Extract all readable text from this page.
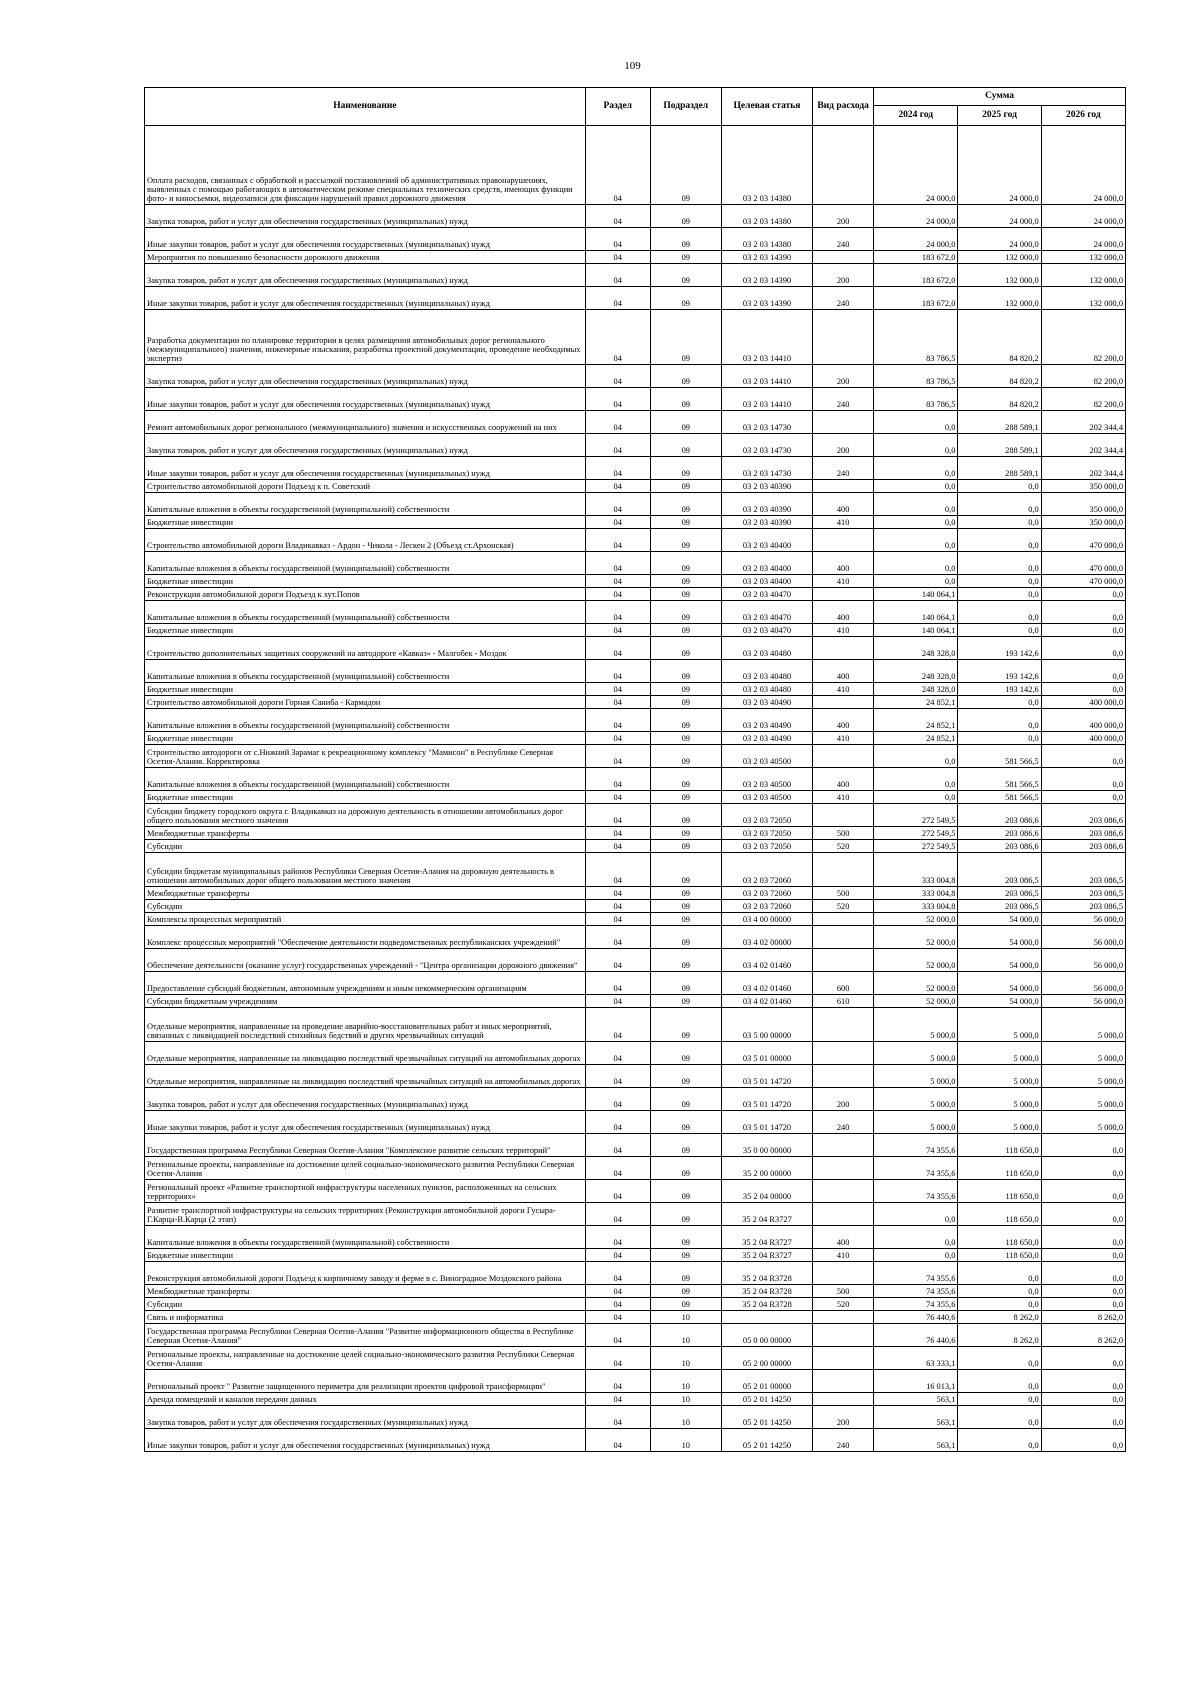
109
Наименование	Раздел	Подраздел	Целевая статья	Вид расхода	Сумма		
					2024 год	2025 год	2026 год

Оплата расходов, связанных с обработкой и рассылкой постановлений об административных правонарушениях, выявленных с помощью работающих в автоматическом режиме специальных технических средств, имеющих функции фото- и киносъемки, видеозаписи для фиксации нарушений правил дорожного движения	04	09	03 2 03 14380		24 000,0	24 000,0	24 000,0
Закупка товаров, работ и услуг для обеспечения государственных (муниципальных) нужд	04	09	03 2 03 14380	200	24 000,0	24 000,0	24 000,0
Иные закупки товаров, работ и услуг для обеспечения государственных (муниципальных) нужд	04	09	03 2 03 14380	240	24 000,0	24 000,0	24 000,0
Мероприятия по повышению безопасности дорожного движения	04	09	03 2 03 14390		183 672,0	132 000,0	132 000,0
Закупка товаров, работ и услуг для обеспечения государственных (муниципальных) нужд	04	09	03 2 03 14390	200	183 672,0	132 000,0	132 000,0
Иные закупки товаров, работ и услуг для обеспечения государственных (муниципальных) нужд	04	09	03 2 03 14390	240	183 672,0	132 000,0	132 000,0
Разработка документации по планировке территории в целях размещения автомобильных дорог регионального (межмуниципального) значения, инженерные изыскания, разработка проектной документации, проведение необходимых экспертиз	04	09	03 2 03 14410		83 786,5	84 820,2	82 200,0
Закупка товаров, работ и услуг для обеспечения государственных (муниципальных) нужд	04	09	03 2 03 14410	200	83 786,5	84 820,2	82 200,0
Иные закупки товаров, работ и услуг для обеспечения государственных (муниципальных) нужд	04	09	03 2 03 14410	240	83 786,5	84 820,2	82 200,0
Ремонт автомобильных дорог регионального (межмуниципального) значения и искусственных сооружений на них	04	09	03 2 03 14730		0,0	288 589,1	202 344,4
Закупка товаров, работ и услуг для обеспечения государственных (муниципальных) нужд	04	09	03 2 03 14730	200	0,0	288 589,1	202 344,4
Иные закупки товаров, работ и услуг для обеспечения государственных (муниципальных) нужд	04	09	03 2 03 14730	240	0,0	288 589,1	202 344,4
Строительство автомобильной дороги Подъезд к п. Советский	04	09	03 2 03 40390		0,0	0,0	350 000,0
Капитальные вложения в объекты государственной (муниципальной) собственности	04	09	03 2 03 40390	400	0,0	0,0	350 000,0
Бюджетные инвестиции	04	09	03 2 03 40390	410	0,0	0,0	350 000,0
Строительство автомобильной дороги Владикавказ - Ардон - Чикола - Лескен 2 (Объезд ст.Архонская)	04	09	03 2 03 40400		0,0	0,0	470 000,0
Капитальные вложения в объекты государственной (муниципальной) собственности	04	09	03 2 03 40400	400	0,0	0,0	470 000,0
Бюджетные инвестиции	04	09	03 2 03 40400	410	0,0	0,0	470 000,0
Реконструкция автомобильной дороги Подъезд к хут.Попов	04	09	03 2 03 40470		140 064,1	0,0	0,0
Капитальные вложения в объекты государственной (муниципальной) собственности	04	09	03 2 03 40470	400	140 064,1	0,0	0,0
Бюджетные инвестиции	04	09	03 2 03 40470	410	140 064,1	0,0	0,0
Строительство дополнительных защитных сооружений на автодороге «Кавказ» - Малгобек - Моздок	04	09	03 2 03 40480		248 328,0	193 142,6	0,0
Капитальные вложения в объекты государственной (муниципальной) собственности	04	09	03 2 03 40480	400	248 328,0	193 142,6	0,0
Бюджетные инвестиции	04	09	03 2 03 40480	410	248 328,0	193 142,6	0,0
Строительство автомобильной дороги Горная Саниба - Кармадон	04	09	03 2 03 40490		24 852,1	0,0	400 000,0
Капитальные вложения в объекты государственной (муниципальной) собственности	04	09	03 2 03 40490	400	24 852,1	0,0	400 000,0
Бюджетные инвестиции	04	09	03 2 03 40490	410	24 852,1	0,0	400 000,0
Строительство автодороги от с.Нижний Зарамаг к рекреационному комплексу "Мамисон" в Республике Северная Осетия-Алания. Корректировка	04	09	03 2 03 40500		0,0	581 566,5	0,0
Капитальные вложения в объекты государственной (муниципальной) собственности	04	09	03 2 03 40500	400	0,0	581 566,5	0,0
Бюджетные инвестиции	04	09	03 2 03 40500	410	0,0	581 566,5	0,0
Субсидии бюджету городского округа г. Владикавказ на дорожную деятельность в отношении автомобильных дорог общего пользования местного значения	04	09	03 2 03 72050		272 549,5	203 086,6	203 086,6
Межбюджетные трансферты	04	09	03 2 03 72050	500	272 549,5	203 086,6	203 086,6
Субсидии	04	09	03 2 03 72050	520	272 549,5	203 086,6	203 086,6
Субсидии бюджетам муниципальных районов Республики Северная Осетия-Алания на дорожную деятельность в отношении автомобильных дорог общего пользования местного значения	04	09	03 2 03 72060		333 004,8	203 086,5	203 086,5
Межбюджетные трансферты	04	09	03 2 03 72060	500	333 004,8	203 086,5	203 086,5
Субсидии	04	09	03 2 03 72060	520	333 004,8	203 086,5	203 086,5
Комплексы процессных мероприятий	04	09	03 4 00 00000		52 000,0	54 000,0	56 000,0
Комплекс процессных мероприятий "Обеспечение деятельности подведомственных республиканских учреждений"	04	09	03 4 02 00000		52 000,0	54 000,0	56 000,0
Обеспечение деятельности (оказание услуг) государственных учреждений - "Центра организации дорожного движения"	04	09	03 4 02 01460		52 000,0	54 000,0	56 000,0
Предоставление субсидий бюджетным, автономным учреждениям и иным некоммерческим организациям	04	09	03 4 02 01460	600	52 000,0	54 000,0	56 000,0
Субсидии бюджетным учреждениям	04	09	03 4 02 01460	610	52 000,0	54 000,0	56 000,0
Отдельные мероприятия, направленные на проведение аварийно-восстановительных работ и иных мероприятий, связанных с ликвидацией последствий стихийных бедствий и других чрезвычайных ситуаций	04	09	03 5 00 00000		5 000,0	5 000,0	5 000,0
Отдельные мероприятия, направленные на ликвидацию последствий чрезвычайных ситуаций на автомобильных дорогах	04	09	03 5 01 00000		5 000,0	5 000,0	5 000,0
Отдельные мероприятия, направленные на ликвидацию последствий чрезвычайных ситуаций на автомобильных дорогах	04	09	03 5 01 14720		5 000,0	5 000,0	5 000,0
Закупка товаров, работ и услуг для обеспечения государственных (муниципальных) нужд	04	09	03 5 01 14720	200	5 000,0	5 000,0	5 000,0
Иные закупки товаров, работ и услуг для обеспечения государственных (муниципальных) нужд	04	09	03 5 01 14720	240	5 000,0	5 000,0	5 000,0
Государственная программа Республики Северная Осетия-Алания "Комплексное развитие сельских территорий"	04	09	35 0 00 00000		74 355,6	118 650,0	0,0
Региональные проекты, направленные на достижение целей социально-экономического развития Республики Северная Осетия-Алания	04	09	35 2 00 00000		74 355,6	118 650,0	0,0
Региональный проект «Развитие транспортной инфраструктуры населенных пунктов, расположенных на сельских территориях»	04	09	35 2 04 00000		74 355,6	118 650,0	0,0
Развитие транспортной инфраструктуры на сельских территориях (Реконструкция автомобильной дороги Гусыра-Г.Карца-В.Карца (2 этап)	04	09	35 2 04 R3727		0,0	118 650,0	0,0
Капитальные вложения в объекты государственной (муниципальной) собственности	04	09	35 2 04 R3727	400	0,0	118 650,0	0,0
Бюджетные инвестиции	04	09	35 2 04 R3727	410	0,0	118 650,0	0,0
Реконструкция автомобильной дороги Подъезд к кирпичному заводу и ферме в с. Виноградное Моздокского района	04	09	35 2 04 R3728		74 355,6	0,0	0,0
Межбюджетные трансферты	04	09	35 2 04 R3728	500	74 355,6	0,0	0,0
Субсидии	04	09	35 2 04 R3728	520	74 355,6	0,0	0,0
Связь и информатика	04	10			76 440,6	8 262,0	8 262,0
Государственная программа Республики Северная Осетия-Алания "Развитие информационного общества в Республике Северная Осетия-Алания"	04	10	05 0 00 00000		76 440,6	8 262,0	8 262,0
Региональные проекты, направленные на достижение целей социально-экономического развития Республики Северная Осетия-Алания	04	10	05 2 00 00000		63 333,1	0,0	0,0
Региональный проект " Развитие защищенного периметра для реализации проектов цифровой трансформации"	04	10	05 2 01 00000		16 013,1	0,0	0,0
Аренда помещений и каналов передачи данных	04	10	05 2 01 14250		563,1	0,0	0,0
Закупка товаров, работ и услуг для обеспечения государственных (муниципальных) нужд	04	10	05 2 01 14250	200	563,1	0,0	0,0
Иные закупки товаров, работ и услуг для обеспечения государственных (муниципальных) нужд	04	10	05 2 01 14250	240	563,1	0,0	0,0
